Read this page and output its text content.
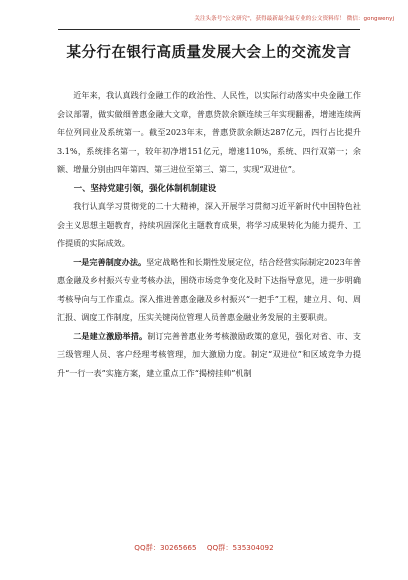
关注头条号"公文研究"，获得最新最全最专业的公文资料库！ 微信：gongwenyj
某分行在银行高质量发展大会上的交流发言

近年来，我认真践行金融工作的政治性、人民性，以实际行动落实中央金融工作会议部署，做实做细普惠金融大文章，普惠贷款余额连续三年实现翻番，增速连续两年位列同业及系统第一。截至2023年末，普惠贷款余额达287亿元，四行占比提升3.1%，系统排名第一，较年初净增151亿元，增速110%，系统、四行双第一；余额、增量分别由四年第四、第三进位至第三、第二，实现“双进位”。

一、坚持党建引领，强化体制机制建设

我行认真学习贯彻党的二十大精神，深入开展学习贯彻习近平新时代中国特色社会主义思想主题教育，持续巩固深化主题教育成果，将学习成果转化为能力提升、工作提质的实际成效。

一是完善制度办法。坚定战略性和长期性发展定位，结合经营实际制定2023年普惠金融及乡村振兴专业考核办法，围绕市场竞争变化及时下达指导意见，进一步明确考核导向与工作重点。深入推进普惠金融及乡村振兴“一把手”工程，建立月、旬、周汇报、调度工作制度，压实关键岗位管理人员普惠金融业务发展的主要职责。

二是建立激励举措。制订完善普惠业务考核激励政策的意见，强化对省、市、支三级管理人员、客户经理考核管理，加大激励力度。制定“双进位”和区域竞争力提升“一行一表”实施方案，建立重点工作“揭榜挂帅”机制

QQ群：30265665 QQ群：535304092
